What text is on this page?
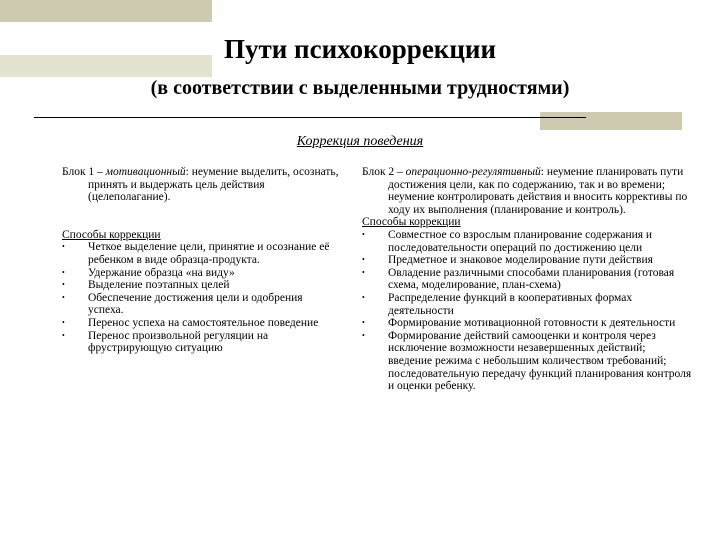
Пути психокоррекции
(в соответствии с выделенными трудностями)
Коррекция поведения

Блок 1 – мотивационный: неумение выделить, осознать, принять и выдержать цель действия (целеполагание).

Способы коррекции

•	Четкое выделение цели, принятие и осознание её ребенком в виде образца-продукта.
•	Удержание образца «на виду»
•	Выделение поэтапных целей
•	Обеспечение достижения цели и одобрения успеха.
•	Перенос успеха на самостоятельное поведение
•	Перенос произвольной регуляции на фрустрирующую ситуацию

Блок 2 – операционно-регулятивный: неумение планировать пути достижения цели, как по содержанию, так и во времени; неумение контролировать действия и вносить коррективы по ходу их выполнения (планирование и контроль).

Способы коррекции

•	Совместное со взрослым планирование содержания и последовательности операций по достижению цели
•	Предметное и знаковое моделирование пути действия
•	Овладение различными способами планирования (готовая схема, моделирование, план-схема)
•	Распределение функций в кооперативных формах деятельности
•	Формирование мотивационной готовности к деятельности
•	Формирование действий самооценки и контроля через исключение возможности незавершенных действий; введение режима с небольшим количеством требований; последовательную передачу функций планирования контроля и оценки ребенку.
